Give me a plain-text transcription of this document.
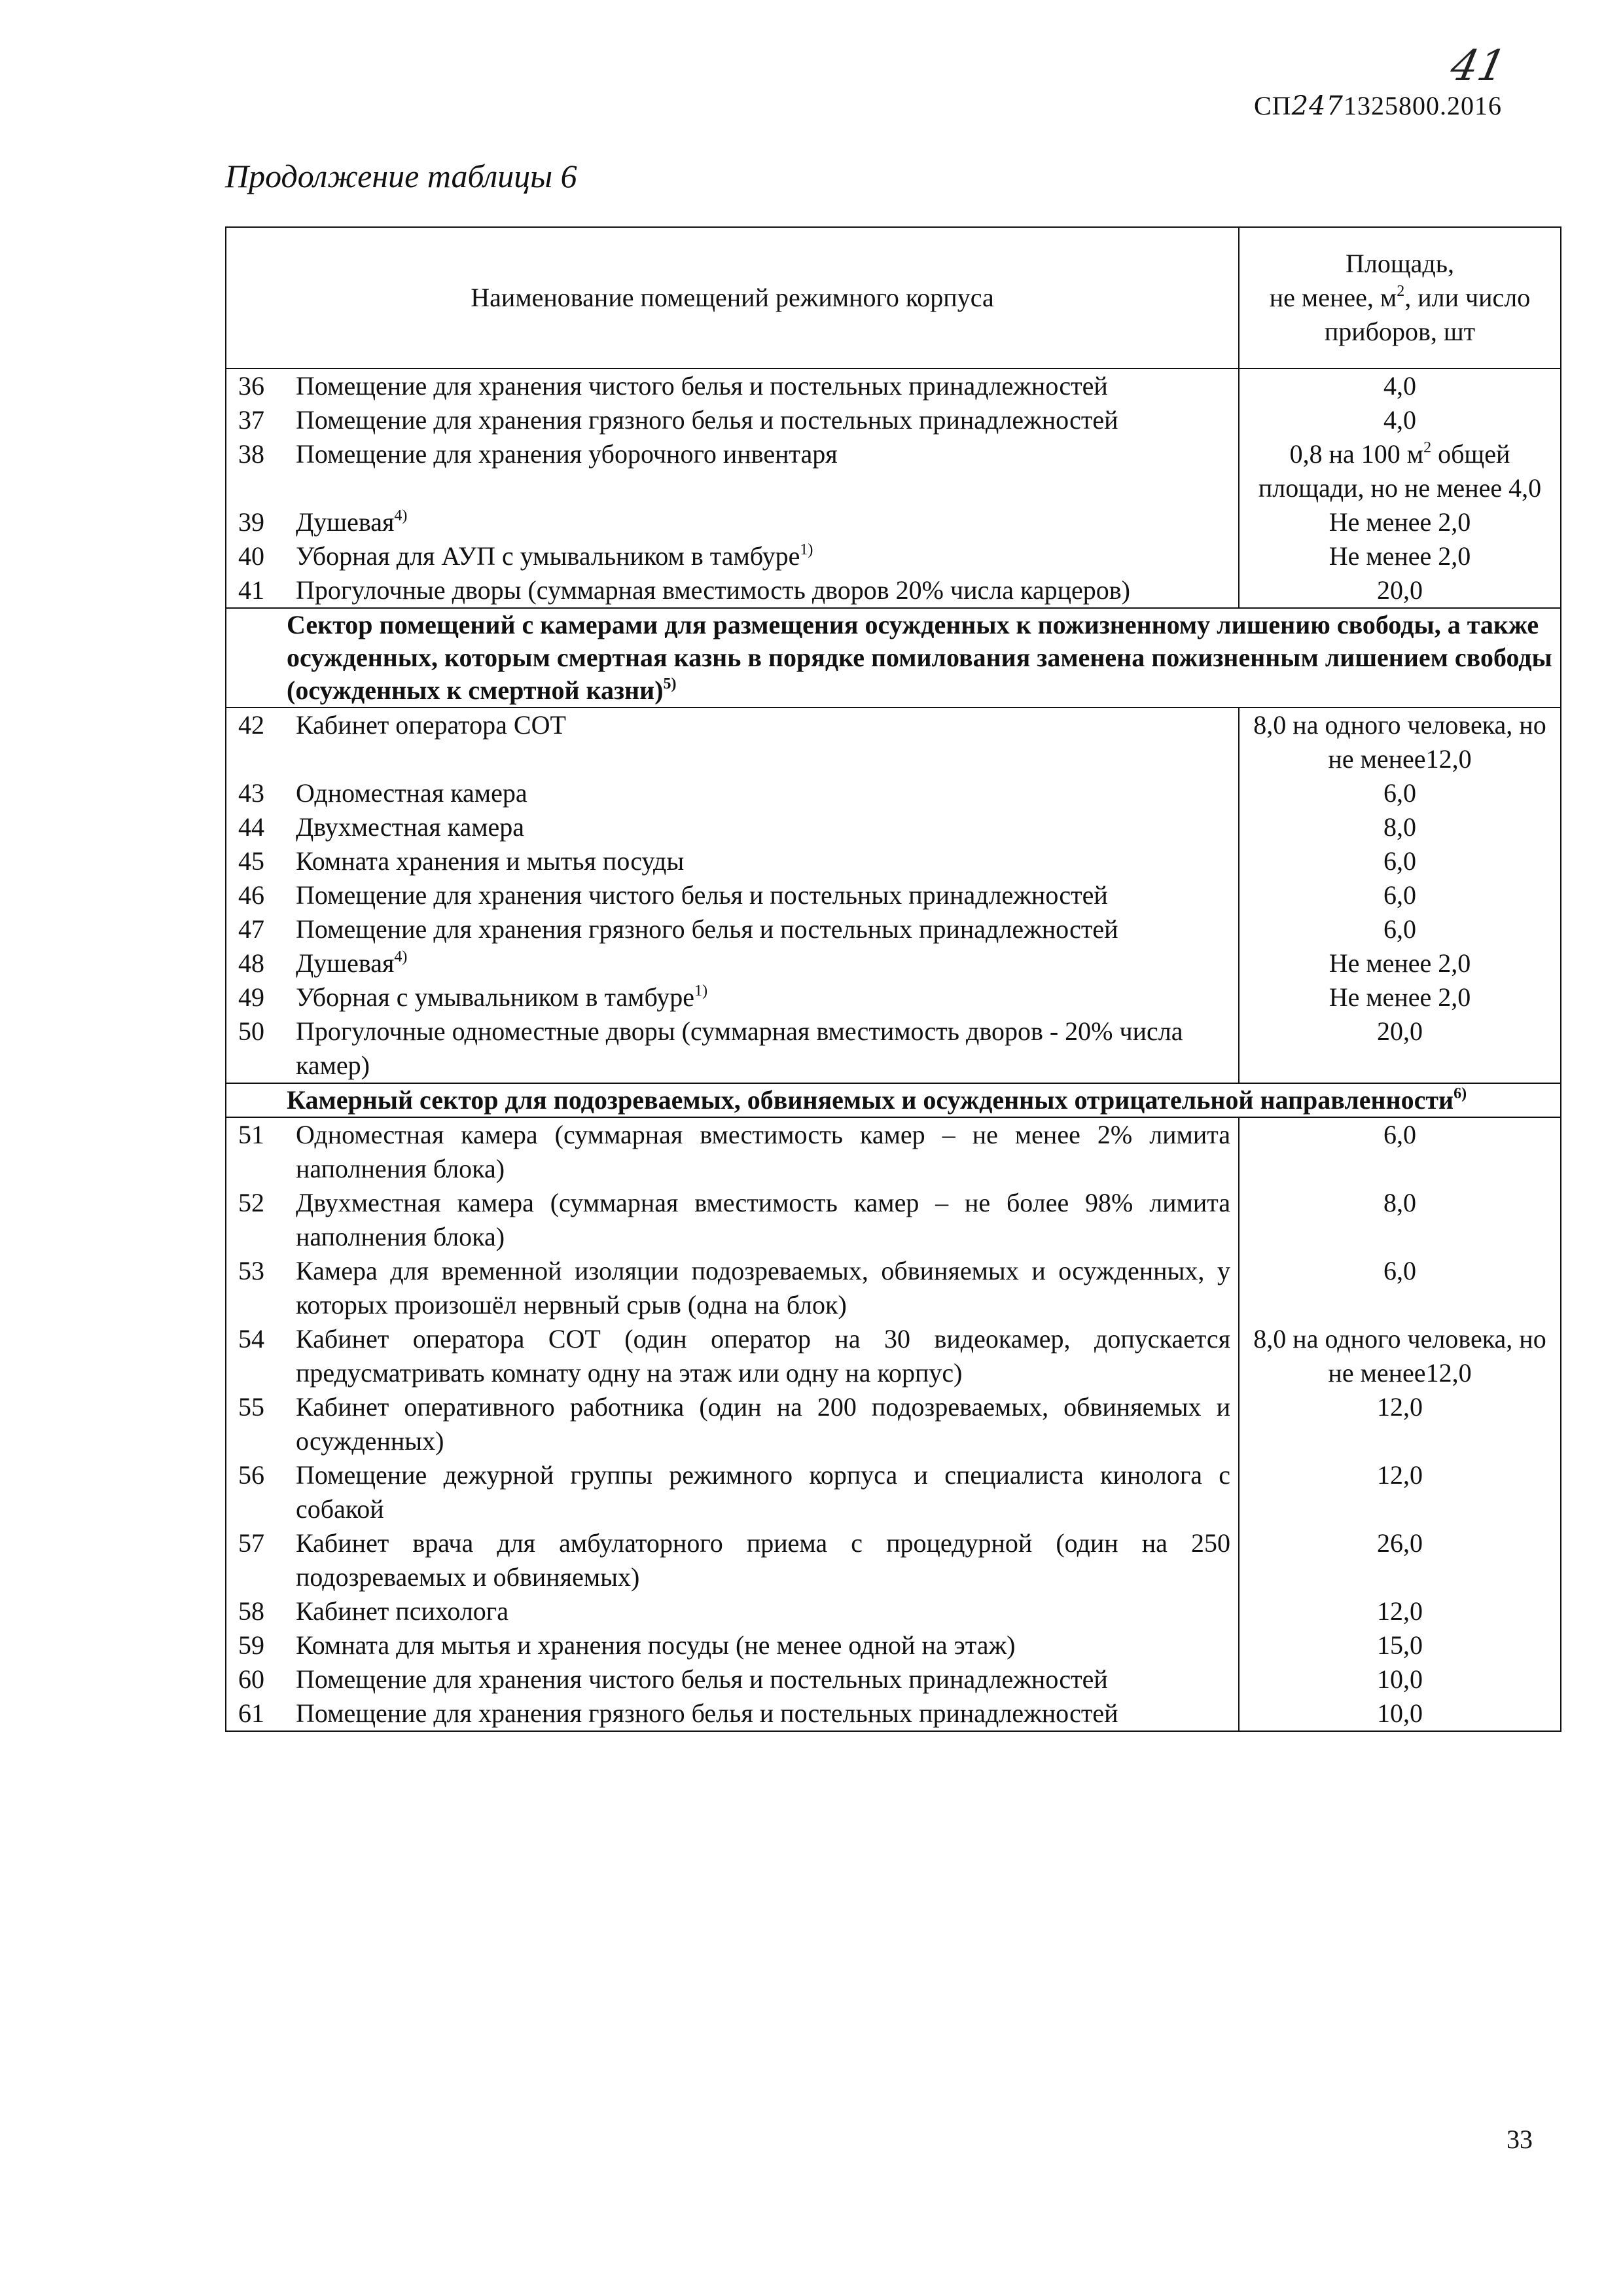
41
СП2471325800.2016
Продолжение таблицы 6
Наименование помещений режимного корпуса	Площадь,
не менее, $м^2$, или число приборов, шт

36 Помещение для хранения чистого белья и постельных принадлежностей	4,0

37 Помещение для хранения грязного белья и постельных принадлежностей	4,0

38 Помещение для хранения уборочного инвентаря	0,8 на 100 $м^2$ общей площади, но не менее 4,0

39 Душевая$^{4)}$	Не менее 2,0

40 Уборная для АУП с умывальником в тамбуре$^{1)}$	Не менее 2,0

41 Прогулочные дворы (суммарная вместимость дворов 20% числа карцеров)	20,0
Сектор помещений с камерами для размещения осужденных к пожизненному лишению свободы, а также осужденных, которым смертная казнь в порядке помилования заменена пожизненным лишением свободы (осужденных к смертной казни)$^{5)}$

42 Кабинет оператора СОТ	8,0 на одного человека, но не менее12,0

43 Одноместная камера	6,0

44 Двухместная камера	8,0

45 Комната хранения и мытья посуды	6,0

46 Помещение для хранения чистого белья и постельных принадлежностей	6,0

47 Помещение для хранения грязного белья и постельных принадлежностей	6,0

48 Душевая$^{4)}$	Не менее 2,0

49 Уборная с умывальником в тамбуре$^{1)}$	Не менее 2,0

50 Прогулочные одноместные дворы (суммарная вместимость дворов - 20% числа камер)	20,0
Камерный сектор для подозреваемых, обвиняемых и осужденных отрицательной направленности$^{6)}$

51 Одноместная камера (суммарная вместимость камер – не менее 2% лимита наполнения блока)	6,0

52 Двухместная камера (суммарная вместимость камер – не более 98% лимита наполнения блока)	8,0

53 Камера для временной изоляции подозреваемых, обвиняемых и осужденных, у которых произошёл нервный срыв (одна на блок)	6,0

54 Кабинет оператора СОТ (один оператор на 30 видеокамер, допускается предусматривать комнату одну на этаж или одну на корпус)	8,0 на одного человека, но не менее12,0

55 Кабинет оперативного работника (один на 200 подозреваемых, обвиняемых и осужденных)	12,0

56 Помещение дежурной группы режимного корпуса и специалиста кинолога с собакой	12,0

57 Кабинет врача для амбулаторного приема с процедурной (один на 250 подозреваемых и обвиняемых)	26,0

58 Кабинет психолога	12,0

59 Комната для мытья и хранения посуды (не менее одной на этаж)	15,0

60 Помещение для хранения чистого белья и постельных принадлежностей	10,0

61 Помещение для хранения грязного белья и постельных принадлежностей	10,0
33
